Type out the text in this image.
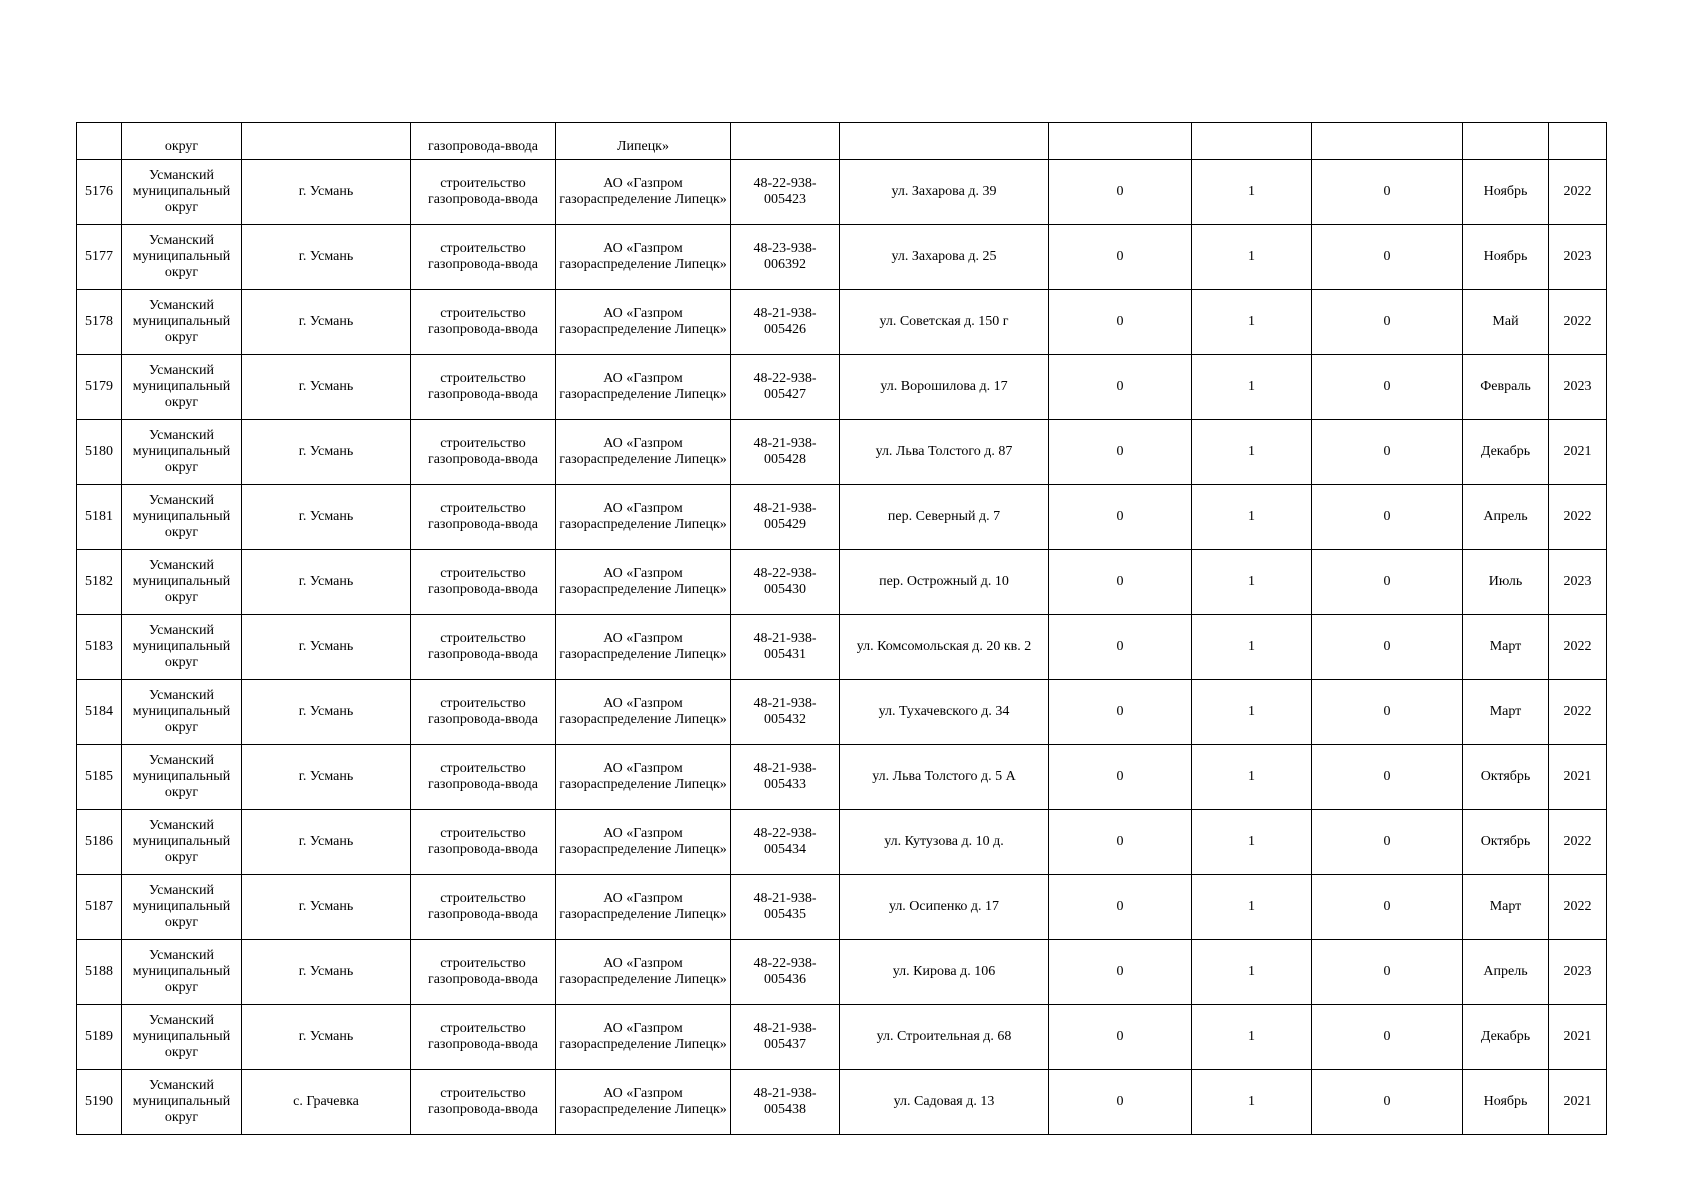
	округ		газопровода-ввода	Липецк»							
5176	Усманский муниципальный округ	г. Усмань	строительство газопровода-ввода	АО «Газпром газораспределение Липецк»	48-22-938-005423	ул. Захарова д. 39	0	1	0	Ноябрь	2022
5177	Усманский муниципальный округ	г. Усмань	строительство газопровода-ввода	АО «Газпром газораспределение Липецк»	48-23-938-006392	ул. Захарова д. 25	0	1	0	Ноябрь	2023
5178	Усманский муниципальный округ	г. Усмань	строительство газопровода-ввода	АО «Газпром газораспределение Липецк»	48-21-938-005426	ул. Советская д. 150 г	0	1	0	Май	2022
5179	Усманский муниципальный округ	г. Усмань	строительство газопровода-ввода	АО «Газпром газораспределение Липецк»	48-22-938-005427	ул. Ворошилова д. 17	0	1	0	Февраль	2023
5180	Усманский муниципальный округ	г. Усмань	строительство газопровода-ввода	АО «Газпром газораспределение Липецк»	48-21-938-005428	ул. Льва Толстого д. 87	0	1	0	Декабрь	2021
5181	Усманский муниципальный округ	г. Усмань	строительство газопровода-ввода	АО «Газпром газораспределение Липецк»	48-21-938-005429	пер. Северный д. 7	0	1	0	Апрель	2022
5182	Усманский муниципальный округ	г. Усмань	строительство газопровода-ввода	АО «Газпром газораспределение Липецк»	48-22-938-005430	пер. Острожный д. 10	0	1	0	Июль	2023
5183	Усманский муниципальный округ	г. Усмань	строительство газопровода-ввода	АО «Газпром газораспределение Липецк»	48-21-938-005431	ул. Комсомольская д. 20 кв. 2	0	1	0	Март	2022
5184	Усманский муниципальный округ	г. Усмань	строительство газопровода-ввода	АО «Газпром газораспределение Липецк»	48-21-938-005432	ул. Тухачевского д. 34	0	1	0	Март	2022
5185	Усманский муниципальный округ	г. Усмань	строительство газопровода-ввода	АО «Газпром газораспределение Липецк»	48-21-938-005433	ул. Льва Толстого д. 5 А	0	1	0	Октябрь	2021
5186	Усманский муниципальный округ	г. Усмань	строительство газопровода-ввода	АО «Газпром газораспределение Липецк»	48-22-938-005434	ул. Кутузова д. 10 д.	0	1	0	Октябрь	2022
5187	Усманский муниципальный округ	г. Усмань	строительство газопровода-ввода	АО «Газпром газораспределение Липецк»	48-21-938-005435	ул. Осипенко д. 17	0	1	0	Март	2022
5188	Усманский муниципальный округ	г. Усмань	строительство газопровода-ввода	АО «Газпром газораспределение Липецк»	48-22-938-005436	ул. Кирова д. 106	0	1	0	Апрель	2023
5189	Усманский муниципальный округ	г. Усмань	строительство газопровода-ввода	АО «Газпром газораспределение Липецк»	48-21-938-005437	ул. Строительная д. 68	0	1	0	Декабрь	2021
5190	Усманский муниципальный округ	с. Грачевка	строительство газопровода-ввода	АО «Газпром газораспределение Липецк»	48-21-938-005438	ул. Садовая д. 13	0	1	0	Ноябрь	2021
